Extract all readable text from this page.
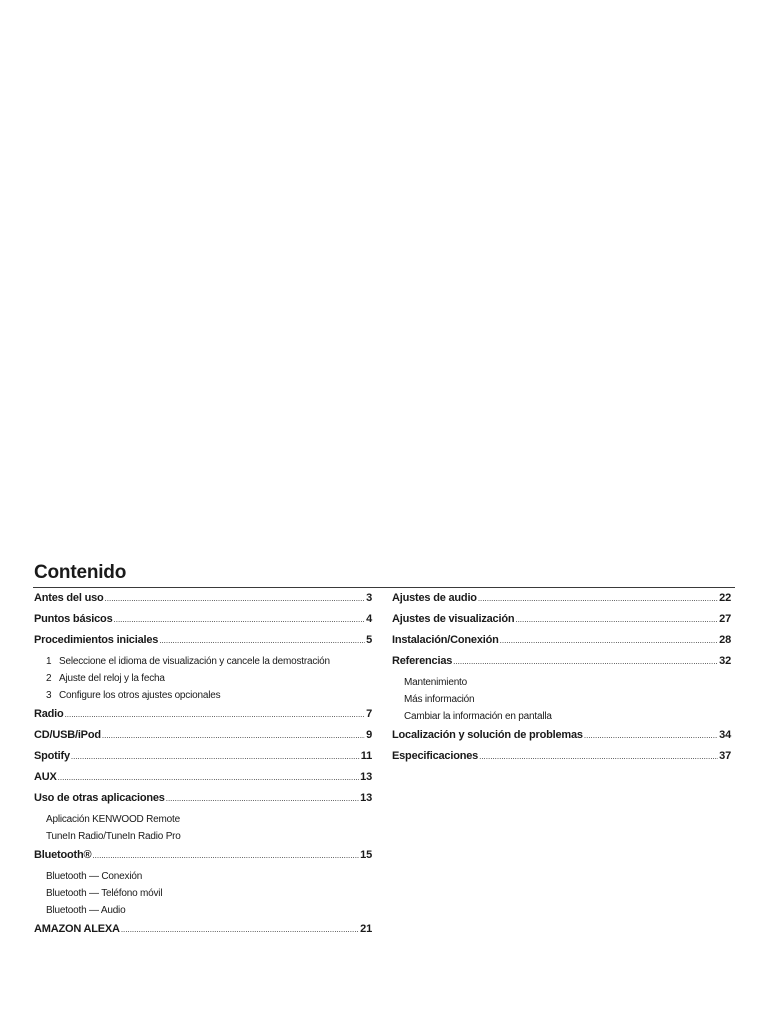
Contenido
Antes del uso .....	3
Puntos básicos .....	4
Procedimientos iniciales .....	5
1 Seleccione el idioma de visualización y cancele la demostración
2 Ajuste del reloj y la fecha
3 Configure los otros ajustes opcionales
Radio .....	7
CD/USB/iPod .....	9
Spotify .....	11
AUX .....	13
Uso de otras aplicaciones .....	13
Aplicación KENWOOD Remote
TuneIn Radio/TuneIn Radio Pro
Bluetooth® .....	15
Bluetooth — Conexión
Bluetooth — Teléfono móvil
Bluetooth — Audio
AMAZON ALEXA .....	21
Ajustes de audio .....	22
Ajustes de visualización .....	27
Instalación/Conexión .....	28
Referencias .....	32
Mantenimiento
Más información
Cambiar la información en pantalla
Localización y solución de problemas .....	34
Especificaciones .....	37
